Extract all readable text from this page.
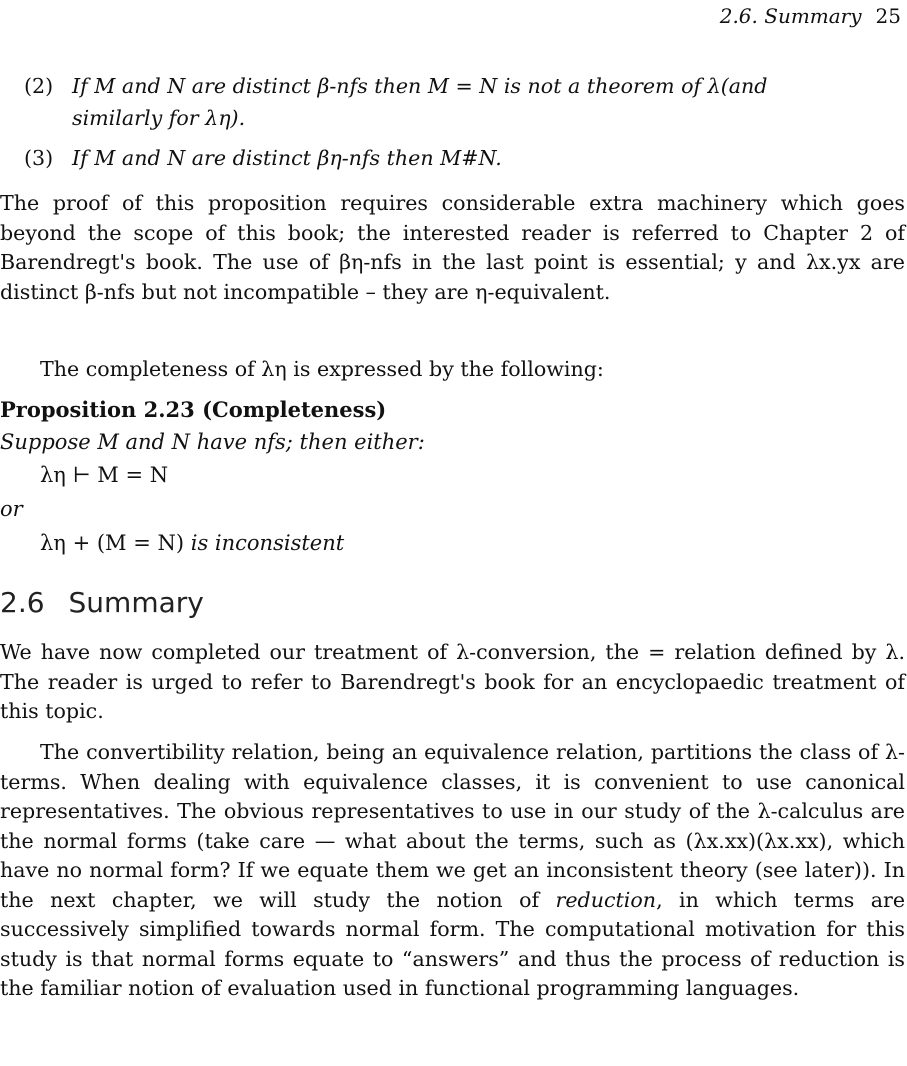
2.6. Summary 25
(2) If M and N are distinct β-nfs then M = N is not a theorem of λ(and
similarly for λη).
(3) If M and N are distinct βη-nfs then M#N.

The proof of this proposition requires considerable extra machinery which goes beyond the scope of this book; the interested reader is referred to Chapter 2 of Barendregt's book. The use of βη-nfs in the last point is essential; y and λx.yx are distinct β-nfs but not incompatible – they are η-equivalent.

The completeness of λη is expressed by the following:

Proposition 2.23 (Completeness)
Suppose M and N have nfs; then either:
λη ⊢ M = N
or
λη + (M = N) is inconsistent
2.6 Summary

We have now completed our treatment of λ-conversion, the = relation defined by λ. The reader is urged to refer to Barendregt's book for an encyclopaedic treatment of this topic.

The convertibility relation, being an equivalence relation, partitions the class of λ-terms. When dealing with equivalence classes, it is convenient to use canonical representatives. The obvious representatives to use in our study of the λ-calculus are the normal forms (take care — what about the terms, such as (λx.xx)(λx.xx), which have no normal form? If we equate them we get an inconsistent theory (see later)). In the next chapter, we will study the notion of reduction, in which terms are successively simplified towards normal form. The computational motivation for this study is that normal forms equate to “answers” and thus the process of reduction is the familiar notion of evaluation used in functional programming languages.
